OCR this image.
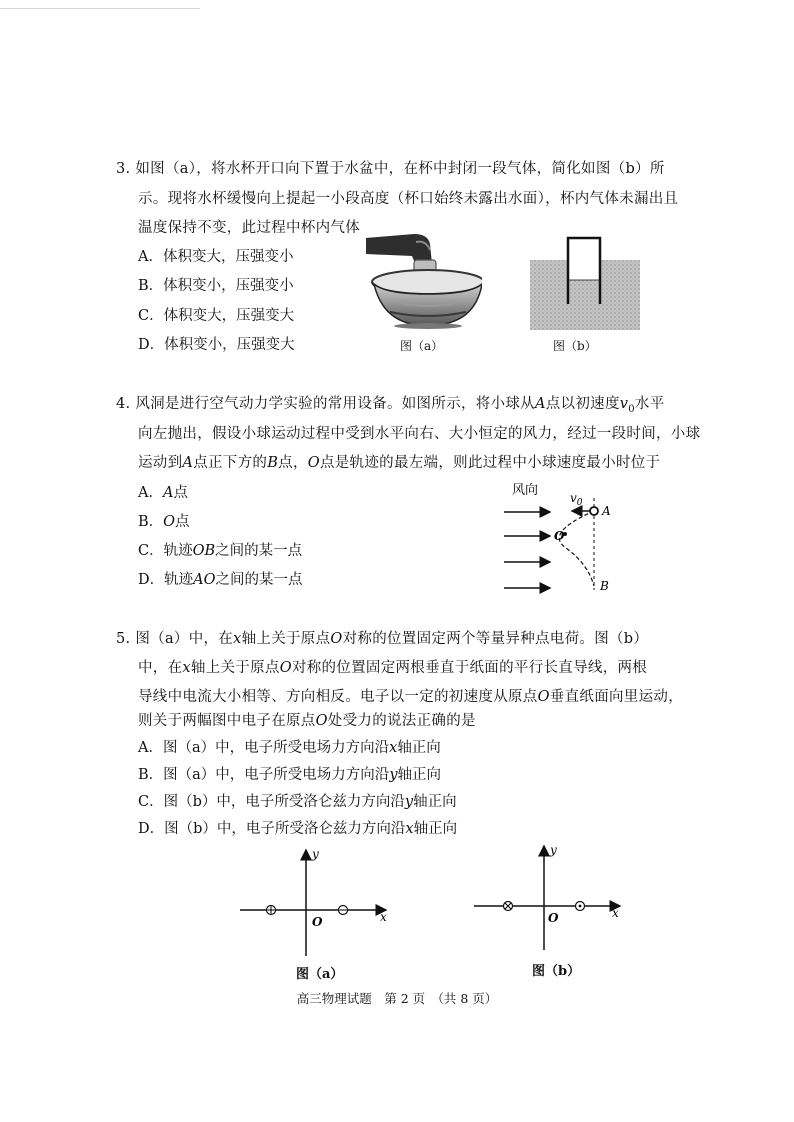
3. 如图（a），将水杯开口向下置于水盆中，在杯中封闭一段气体，简化如图（b）所
示。现将水杯缓慢向上提起一小段高度（杯口始终未露出水面），杯内气体未漏出且
温度保持不变，此过程中杯内气体
A．体积变大，压强变小
B．体积变小，压强变小
C．体积变大，压强变大
D．体积变小，压强变大	图（a）	图（b）
4. 风洞是进行空气动力学实验的常用设备。如图所示，将小球从A点以初速度$v_0$水平
向左抛出，假设小球运动过程中受到水平向右、大小恒定的风力，经过一段时间，小球
运动到A点正下方的B点，O点是轨迹的最左端，则此过程中小球速度最小时位于
A．A点
B．O点
C．轨迹OB之间的某一点
D．轨迹AO之间的某一点
风向	$v_0$
A
O
B
5. 图（a）中，在x轴上关于原点O对称的位置固定两个等量异种点电荷。图（b）
中，在x轴上关于原点O对称的位置固定两根垂直于纸面的平行长直导线，两根
导线中电流大小相等、方向相反。电子以一定的初速度从原点O垂直纸面向里运动，
则关于两幅图中电子在原点O处受力的说法正确的是
A．图（a）中，电子所受电场力方向沿x轴正向
B．图（a）中，电子所受电场力方向沿y轴正向
C．图（b）中，电子所受洛仑兹力方向沿y轴正向
D．图（b）中，电子所受洛仑兹力方向沿x轴正向
x
y
O
图（a）
x
y
O
图（b）
高三物理试题　第 2 页　（共 8 页）
